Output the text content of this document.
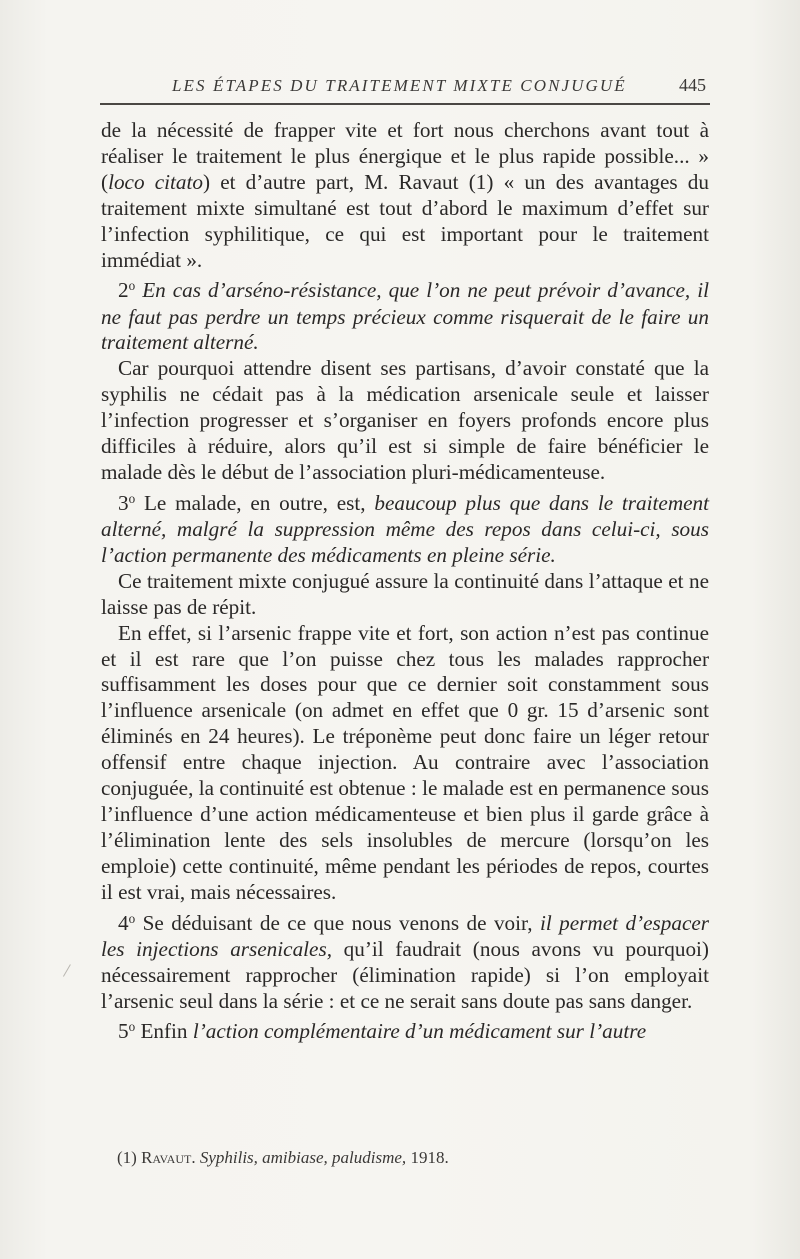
LES ÉTAPES DU TRAITEMENT MIXTE CONJUGUÉ	445

de la nécessité de frapper vite et fort nous cherchons avant tout à réaliser le traitement le plus énergique et le plus rapide possible... » (loco citato) et d’autre part, M. Ravaut (1) « un des avantages du traitement mixte simultané est tout d’abord le maximum d’effet sur l’infection syphilitique, ce qui est important pour le traitement immédiat ».

2$^o$ En cas d’arséno-résistance, que l’on ne peut prévoir d’avance, il ne faut pas perdre un temps précieux comme risquerait de le faire un traitement alterné.

Car pourquoi attendre disent ses partisans, d’avoir constaté que la syphilis ne cédait pas à la médication arsenicale seule et laisser l’infection progresser et s’organiser en foyers profonds encore plus difficiles à réduire, alors qu’il est si simple de faire bénéficier le malade dès le début de l’association pluri-médicamenteuse.

3$^o$ Le malade, en outre, est, beaucoup plus que dans le traitement alterné, malgré la suppression même des repos dans celui-ci, sous l’action permanente des médicaments en pleine série.

Ce traitement mixte conjugué assure la continuité dans l’attaque et ne laisse pas de répit.

En effet, si l’arsenic frappe vite et fort, son action n’est pas continue et il est rare que l’on puisse chez tous les malades rapprocher suffisamment les doses pour que ce dernier soit constamment sous l’influence arsenicale (on admet en effet que 0 gr. 15 d’arsenic sont éliminés en 24 heures). Le tréponème peut donc faire un léger retour offensif entre chaque injection. Au contraire avec l’association conjuguée, la continuité est obtenue : le malade est en permanence sous l’influence d’une action médicamenteuse et bien plus il garde grâce à l’élimination lente des sels insolubles de mercure (lorsqu’on les emploie) cette continuité, même pendant les périodes de repos, courtes il est vrai, mais nécessaires.

4$^o$ Se déduisant de ce que nous venons de voir, il permet d’espacer les injections arsenicales, qu’il faudrait (nous avons vu pourquoi) nécessairement rapprocher (élimination rapide) si l’on employait l’arsenic seul dans la série : et ce ne serait sans doute pas sans danger.

5$^o$ Enfin l’action complémentaire d’un médicament sur l’autre

(1) Ravaut. Syphilis, amibiase, paludisme, 1918.
